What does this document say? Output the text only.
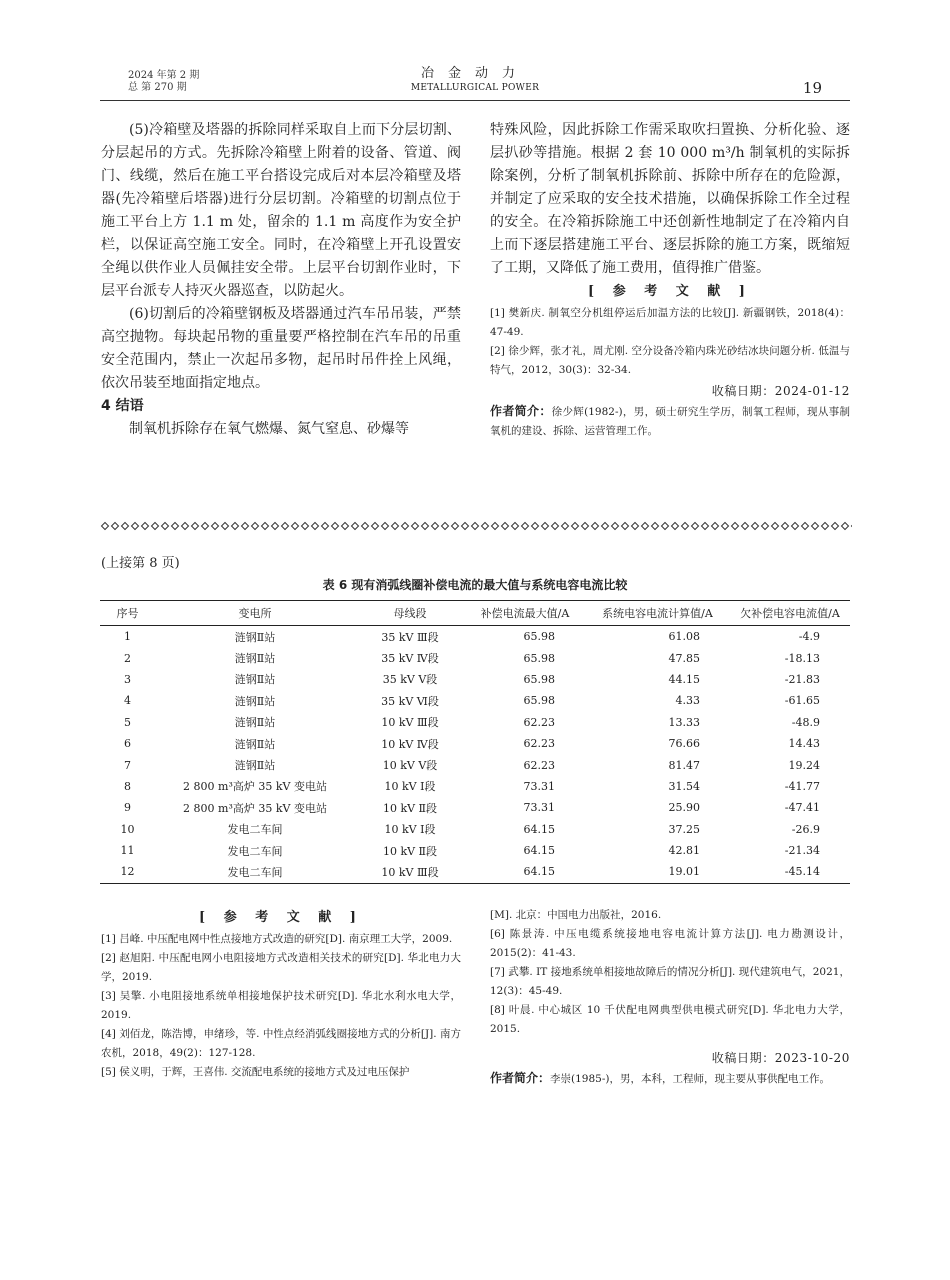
2024 年第 2 期
总 第 270 期
冶金动力
METALLURGICAL POWER	19

(5)冷箱壁及塔器的拆除同样采取自上而下分层切割、分层起吊的方式。先拆除冷箱壁上附着的设备、管道、阀门、线缆，然后在施工平台搭设完成后对本层冷箱壁及塔器(先冷箱壁后塔器)进行分层切割。冷箱壁的切割点位于施工平台上方 1.1 m 处，留余的 1.1 m 高度作为安全护栏，以保证高空施工安全。同时，在冷箱壁上开孔设置安全绳以供作业人员佩挂安全带。上层平台切割作业时，下层平台派专人持灭火器巡查，以防起火。

(6)切割后的冷箱壁钢板及塔器通过汽车吊吊装，严禁高空抛物。每块起吊物的重量要严格控制在汽车吊的吊重安全范围内，禁止一次起吊多物，起吊时吊件拴上风绳，依次吊装至地面指定地点。

4 结语

制氧机拆除存在氧气燃爆、氮气窒息、砂爆等

特殊风险，因此拆除工作需采取吹扫置换、分析化验、逐层扒砂等措施。根据 2 套 10 000 m³/h 制氧机的实际拆除案例，分析了制氧机拆除前、拆除中所存在的危险源，并制定了应采取的安全技术措施，以确保拆除工作全过程的安全。在冷箱拆除施工中还创新性地制定了在冷箱内自上而下逐层搭建施工平台、逐层拆除的施工方案，既缩短了工期，又降低了施工费用，值得推广借鉴。

[ 参 考 文 献 ]
[1] 樊新庆. 制氧空分机组停运后加温方法的比较[J]. 新疆钢铁，2018(4)：47-49.
[2] 徐少辉，张才礼，周尤刚. 空分设备冷箱内珠光砂结冰块问题分析. 低温与特气，2012，30(3)：32-34.
收稿日期：2024-01-12
作者简介：徐少辉(1982-)，男，硕士研究生学历，制氧工程师，现从事制氧机的建设、拆除、运营管理工作。
(上接第 8 页)
表 6 现有消弧线圈补偿电流的最大值与系统电容电流比较
序号	变电所	母线段	补偿电流最大值/A	系统电容电流计算值/A	欠补偿电容电流值/A
1	涟钢Ⅱ站	35 kV Ⅲ段	65.98	61.08	-4.9
2	涟钢Ⅱ站	35 kV Ⅳ段	65.98	47.85	-18.13
3	涟钢Ⅱ站	35 kV Ⅴ段	65.98	44.15	-21.83
4	涟钢Ⅱ站	35 kV Ⅵ段	65.98	4.33	-61.65
5	涟钢Ⅱ站	10 kV Ⅲ段	62.23	13.33	-48.9
6	涟钢Ⅱ站	10 kV Ⅳ段	62.23	76.66	14.43
7	涟钢Ⅱ站	10 kV Ⅴ段	62.23	81.47	19.24
8	2 800 m³高炉 35 kV 变电站	10 kV Ⅰ段	73.31	31.54	-41.77
9	2 800 m³高炉 35 kV 变电站	10 kV Ⅱ段	73.31	25.90	-47.41
10	发电二车间	10 kV Ⅰ段	64.15	37.25	-26.9
11	发电二车间	10 kV Ⅱ段	64.15	42.81	-21.34
12	发电二车间	10 kV Ⅲ段	64.15	19.01	-45.14
[ 参 考 文 献 ]
[1] 吕峰. 中压配电网中性点接地方式改造的研究[D]. 南京理工大学，2009.
[2] 赵旭阳. 中压配电网小电阻接地方式改造相关技术的研究[D]. 华北电力大学，2019.
[3] 吴擎. 小电阻接地系统单相接地保护技术研究[D]. 华北水利水电大学，2019.
[4] 刘佰龙，陈浩博，申绪珍，等. 中性点经消弧线圈接地方式的分析[J]. 南方农机，2018，49(2)：127-128.
[5] 侯义明，于辉，王喜伟. 交流配电系统的接地方式及过电压保护
[M]. 北京：中国电力出版社，2016.
[6] 陈景涛. 中压电缆系统接地电容电流计算方法[J]. 电力勘测设计，2015(2)：41-43.
[7] 武攀. IT 接地系统单相接地故障后的情况分析[J]. 现代建筑电气，2021，12(3)：45-49.
[8] 叶晨. 中心城区 10 千伏配电网典型供电模式研究[D]. 华北电力大学，2015.
收稿日期：2023-10-20
作者简介：李崇(1985-)，男，本科，工程师，现主要从事供配电工作。
